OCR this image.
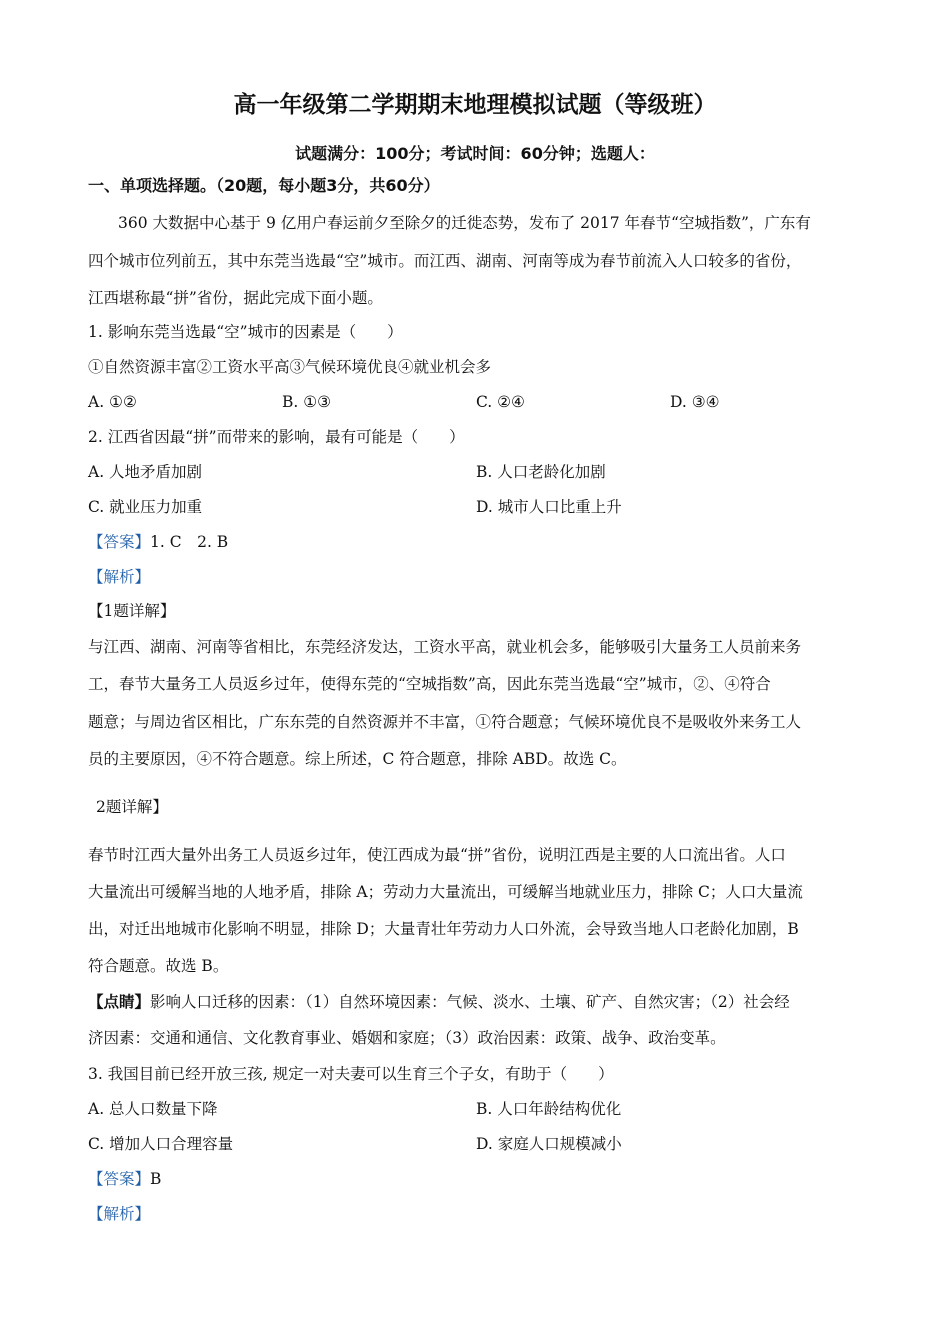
高一年级第二学期期末地理模拟试题（等级班）
试题满分：100分；考试时间：60分钟；选题人：
一、单项选择题。（20题，每小题3分，共60分）
360 大数据中心基于 9 亿用户春运前夕至除夕的迁徙态势，发布了 2017 年春节“空城指数”，广东有
四个城市位列前五，其中东莞当选最“空”城市。而江西、湖南、河南等成为春节前流入人口较多的省份，
江西堪称最“拼”省份，据此完成下面小题。
1. 影响东莞当选最“空”城市的因素是（　　）
①自然资源丰富②工资水平高③气候环境优良④就业机会多
A. ①②	B. ①③	C. ②④	D. ③④
2. 江西省因最“拼”而带来的影响，最有可能是（　　）
A. 人地矛盾加剧	B. 人口老龄化加剧
C. 就业压力加重	D. 城市人口比重上升
【答案】1. C　2. B
【解析】
【1题详解】
与江西、湖南、河南等省相比，东莞经济发达，工资水平高，就业机会多，能够吸引大量务工人员前来务
工，春节大量务工人员返乡过年，使得东莞的“空城指数”高，因此东莞当选最“空”城市，②、④符合
题意；与周边省区相比，广东东莞的自然资源并不丰富，①符合题意；气候环境优良不是吸收外来务工人
员的主要原因，④不符合题意。综上所述，C 符合题意，排除 ABD。故选 C。
2题详解】
春节时江西大量外出务工人员返乡过年，使江西成为最“拼”省份，说明江西是主要的人口流出省。人口
大量流出可缓解当地的人地矛盾，排除 A；劳动力大量流出，可缓解当地就业压力，排除 C；人口大量流
出，对迁出地城市化影响不明显，排除 D；大量青壮年劳动力人口外流，会导致当地人口老龄化加剧，B
符合题意。故选 B。
【点睛】影响人口迁移的因素：（1）自然环境因素：气候、淡水、土壤、矿产、自然灾害；（2）社会经
济因素：交通和通信、文化教育事业、婚姻和家庭；（3）政治因素：政策、战争、政治变革。
3. 我国目前已经开放三孩, 规定一对夫妻可以生育三个子女，有助于（　　）
A. 总人口数量下降	B. 人口年龄结构优化
C. 增加人口合理容量	D. 家庭人口规模减小
【答案】B
【解析】
